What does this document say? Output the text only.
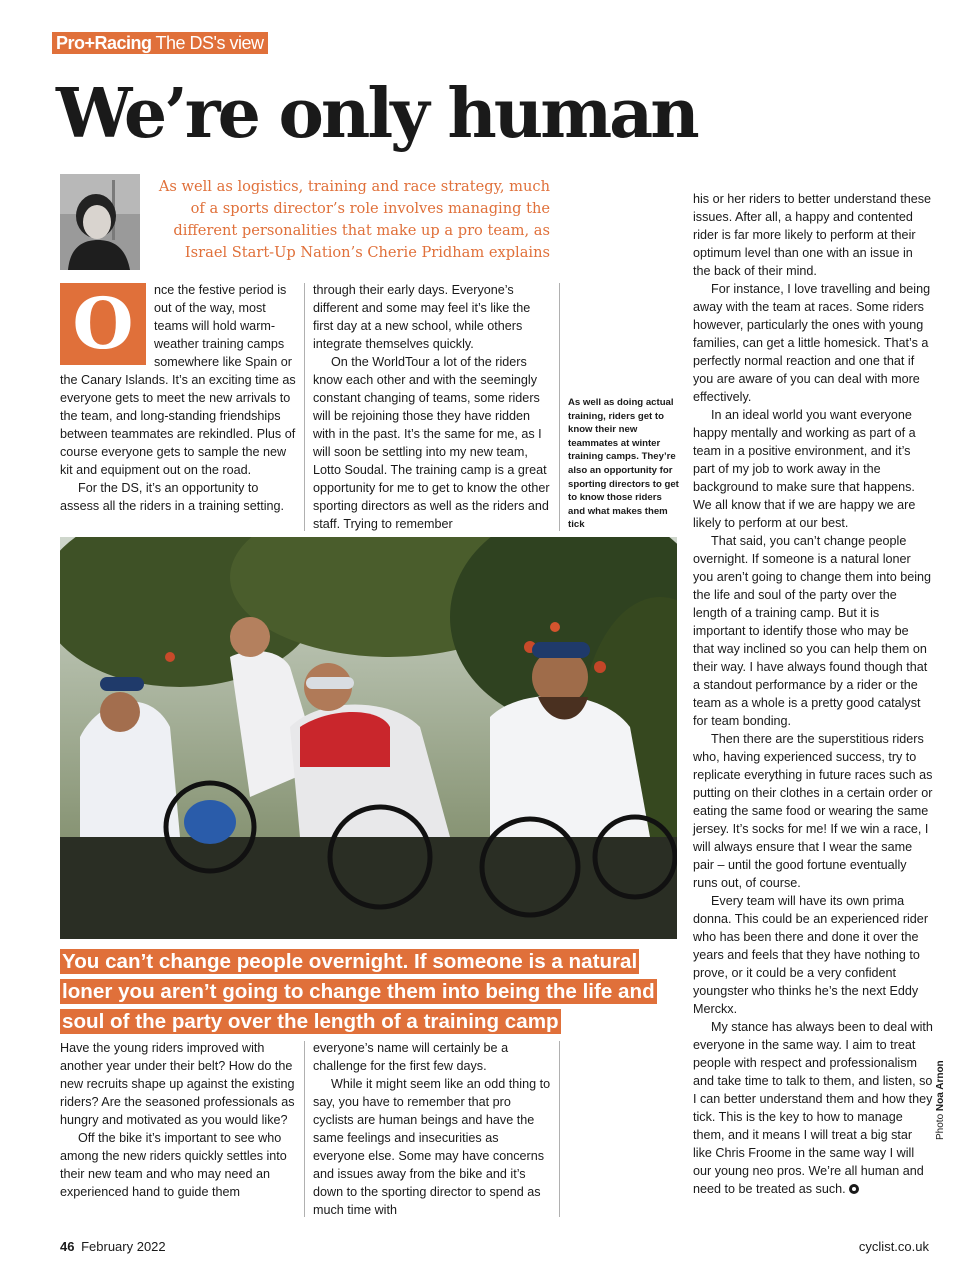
Pro+Racing The DS's view
We’re only human

As well as logistics, training and race strategy, much of a sports director’s role involves managing the different personalities that make up a pro team, as Israel Start-Up Nation’s Cherie Pridham explains

O	nce the festive period is out of the way, most teams will hold warm-weather training camps somewhere like Spain or the Canary Islands. It’s an exciting time as everyone gets to meet the new arrivals to the team, and long-standing friendships between teammates are rekindled. Plus of course everyone gets to sample the new kit and equipment out on the road.

For the DS, it’s an opportunity to assess all the riders in a training setting.

through their early days. Everyone’s different and some may feel it’s like the first day at a new school, while others integrate themselves quickly.

On the WorldTour a lot of the riders know each other and with the seemingly constant changing of teams, some riders will be rejoining those they have ridden with in the past. It’s the same for me, as I will soon be settling into my new team, Lotto Soudal. The training camp is a great opportunity for me to get to know the other sporting directors as well as the riders and staff. Trying to remember

As well as doing actual training, riders get to know their new teammates at winter training camps. They’re also an opportunity for sporting directors to get to know those riders and what makes them tick

his or her riders to better understand these issues. After all, a happy and contented rider is far more likely to perform at their optimum level than one with an issue in the back of their mind.

For instance, I love travelling and being away with the team at races. Some riders however, particularly the ones with young families, can get a little homesick. That’s a perfectly normal reaction and one that if you are aware of you can deal with more effectively.

In an ideal world you want everyone happy mentally and working as part of a team in a positive environment, and it’s part of my job to work away in the background to make sure that happens. We all know that if we are happy we are likely to perform at our best.

That said, you can’t change people overnight. If someone is a natural loner you aren’t going to change them into being the life and soul of the party over the length of a training camp. But it is important to identify those who may be that way inclined so you can help them on their way. I have always found though that a standout performance by a rider or the team as a whole is a pretty good catalyst for team bonding.

Then there are the superstitious riders who, having experienced success, try to replicate everything in future races such as putting on their clothes in a certain order or eating the same food or wearing the same jersey. It’s socks for me! If we win a race, I will always ensure that I wear the same pair – until the good fortune eventually runs out, of course.

Every team will have its own prima donna. This could be an experienced rider who has been there and done it over the years and feels that they have nothing to prove, or it could be a very confident youngster who thinks he’s the next Eddy Merckx.

My stance has always been to deal with everyone in the same way. I aim to treat people with respect and professionalism and take time to talk to them, and listen, so I can better understand them and how they tick. This is the key to how to manage them, and it means I will treat a big star like Chris Froome in the same way I will our young neo pros. We’re all human and need to be treated as such.

You can’t change people overnight. If someone is a natural loner you aren’t going to change them into being the life and soul of the party over the length of a training camp

Have the young riders improved with another year under their belt? How do the new recruits shape up against the existing riders? Are the seasoned professionals as hungry and motivated as you would like?

Off the bike it’s important to see who among the new riders quickly settles into their new team and who may need an experienced hand to guide them

everyone’s name will certainly be a challenge for the first few days.

While it might seem like an odd thing to say, you have to remember that pro cyclists are human beings and have the same feelings and insecurities as everyone else. Some may have concerns and issues away from the bike and it’s down to the sporting director to spend as much time with

Photo Noa Arnon
46 February 2022	cyclist.co.uk
